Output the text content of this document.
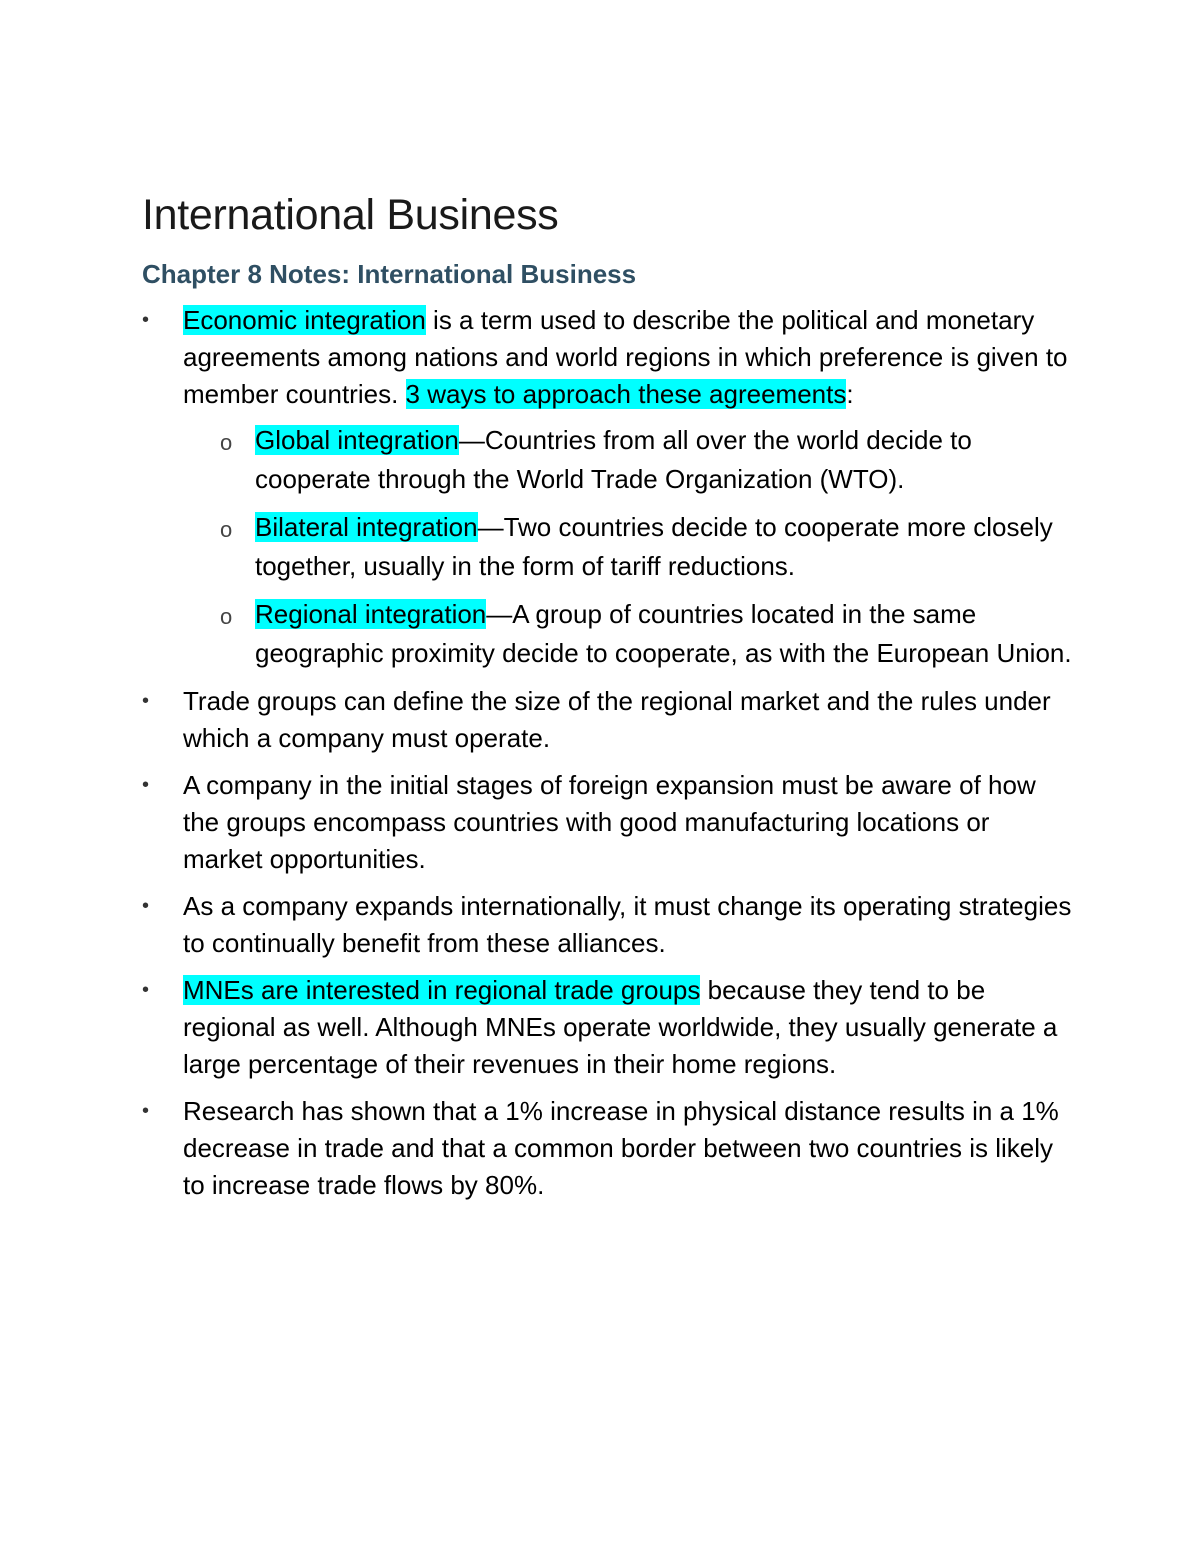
International Business
Chapter 8 Notes: International Business
• Economic integration is a term used to describe the political and monetary agreements among nations and world regions in which preference is given to member countries. 3 ways to approach these agreements:
o Global integration—Countries from all over the world decide to cooperate through the World Trade Organization (WTO).
o Bilateral integration—Two countries decide to cooperate more closely together, usually in the form of tariff reductions.
o Regional integration—A group of countries located in the same geographic proximity decide to cooperate, as with the European Union.
• Trade groups can define the size of the regional market and the rules under which a company must operate.
• A company in the initial stages of foreign expansion must be aware of how the groups encompass countries with good manufacturing locations or market opportunities.
• As a company expands internationally, it must change its operating strategies to continually benefit from these alliances.
• MNEs are interested in regional trade groups because they tend to be regional as well. Although MNEs operate worldwide, they usually generate a large percentage of their revenues in their home regions.
• Research has shown that a 1% increase in physical distance results in a 1% decrease in trade and that a common border between two countries is likely to increase trade flows by 80%.
